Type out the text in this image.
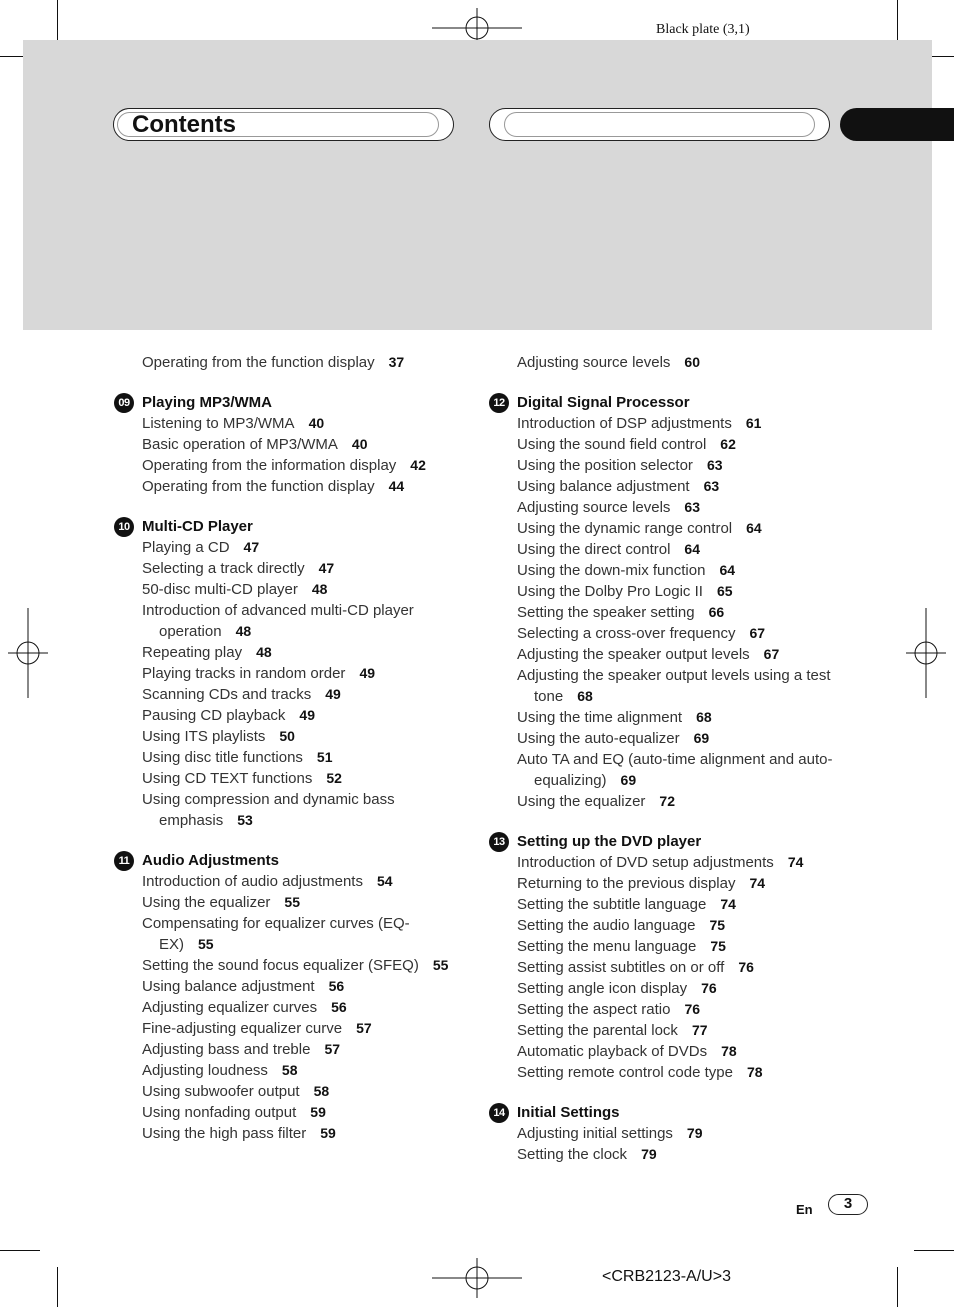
Black plate (3,1)
Contents
Operating from the function display 37
09 Playing MP3/WMA
Listening to MP3/WMA 40
Basic operation of MP3/WMA 40
Operating from the information display 42
Operating from the function display 44
10 Multi-CD Player
Playing a CD 47
Selecting a track directly 47
50-disc multi-CD player 48
Introduction of advanced multi-CD player operation 48
Repeating play 48
Playing tracks in random order 49
Scanning CDs and tracks 49
Pausing CD playback 49
Using ITS playlists 50
Using disc title functions 51
Using CD TEXT functions 52
Using compression and dynamic bass emphasis 53
11 Audio Adjustments
Introduction of audio adjustments 54
Using the equalizer 55
Compensating for equalizer curves (EQ-EX) 55
Setting the sound focus equalizer (SFEQ) 55
Using balance adjustment 56
Adjusting equalizer curves 56
Fine-adjusting equalizer curve 57
Adjusting bass and treble 57
Adjusting loudness 58
Using subwoofer output 58
Using nonfading output 59
Using the high pass filter 59
Adjusting source levels 60
12 Digital Signal Processor
Introduction of DSP adjustments 61
Using the sound field control 62
Using the position selector 63
Using balance adjustment 63
Adjusting source levels 63
Using the dynamic range control 64
Using the direct control 64
Using the down-mix function 64
Using the Dolby Pro Logic II 65
Setting the speaker setting 66
Selecting a cross-over frequency 67
Adjusting the speaker output levels 67
Adjusting the speaker output levels using a test tone 68
Using the time alignment 68
Using the auto-equalizer 69
Auto TA and EQ (auto-time alignment and auto-equalizing) 69
Using the equalizer 72
13 Setting up the DVD player
Introduction of DVD setup adjustments 74
Returning to the previous display 74
Setting the subtitle language 74
Setting the audio language 75
Setting the menu language 75
Setting assist subtitles on or off 76
Setting angle icon display 76
Setting the aspect ratio 76
Setting the parental lock 77
Automatic playback of DVDs 78
Setting remote control code type 78
14 Initial Settings
Adjusting initial settings 79
Setting the clock 79
En	3
<CRB2123-A/U>3
